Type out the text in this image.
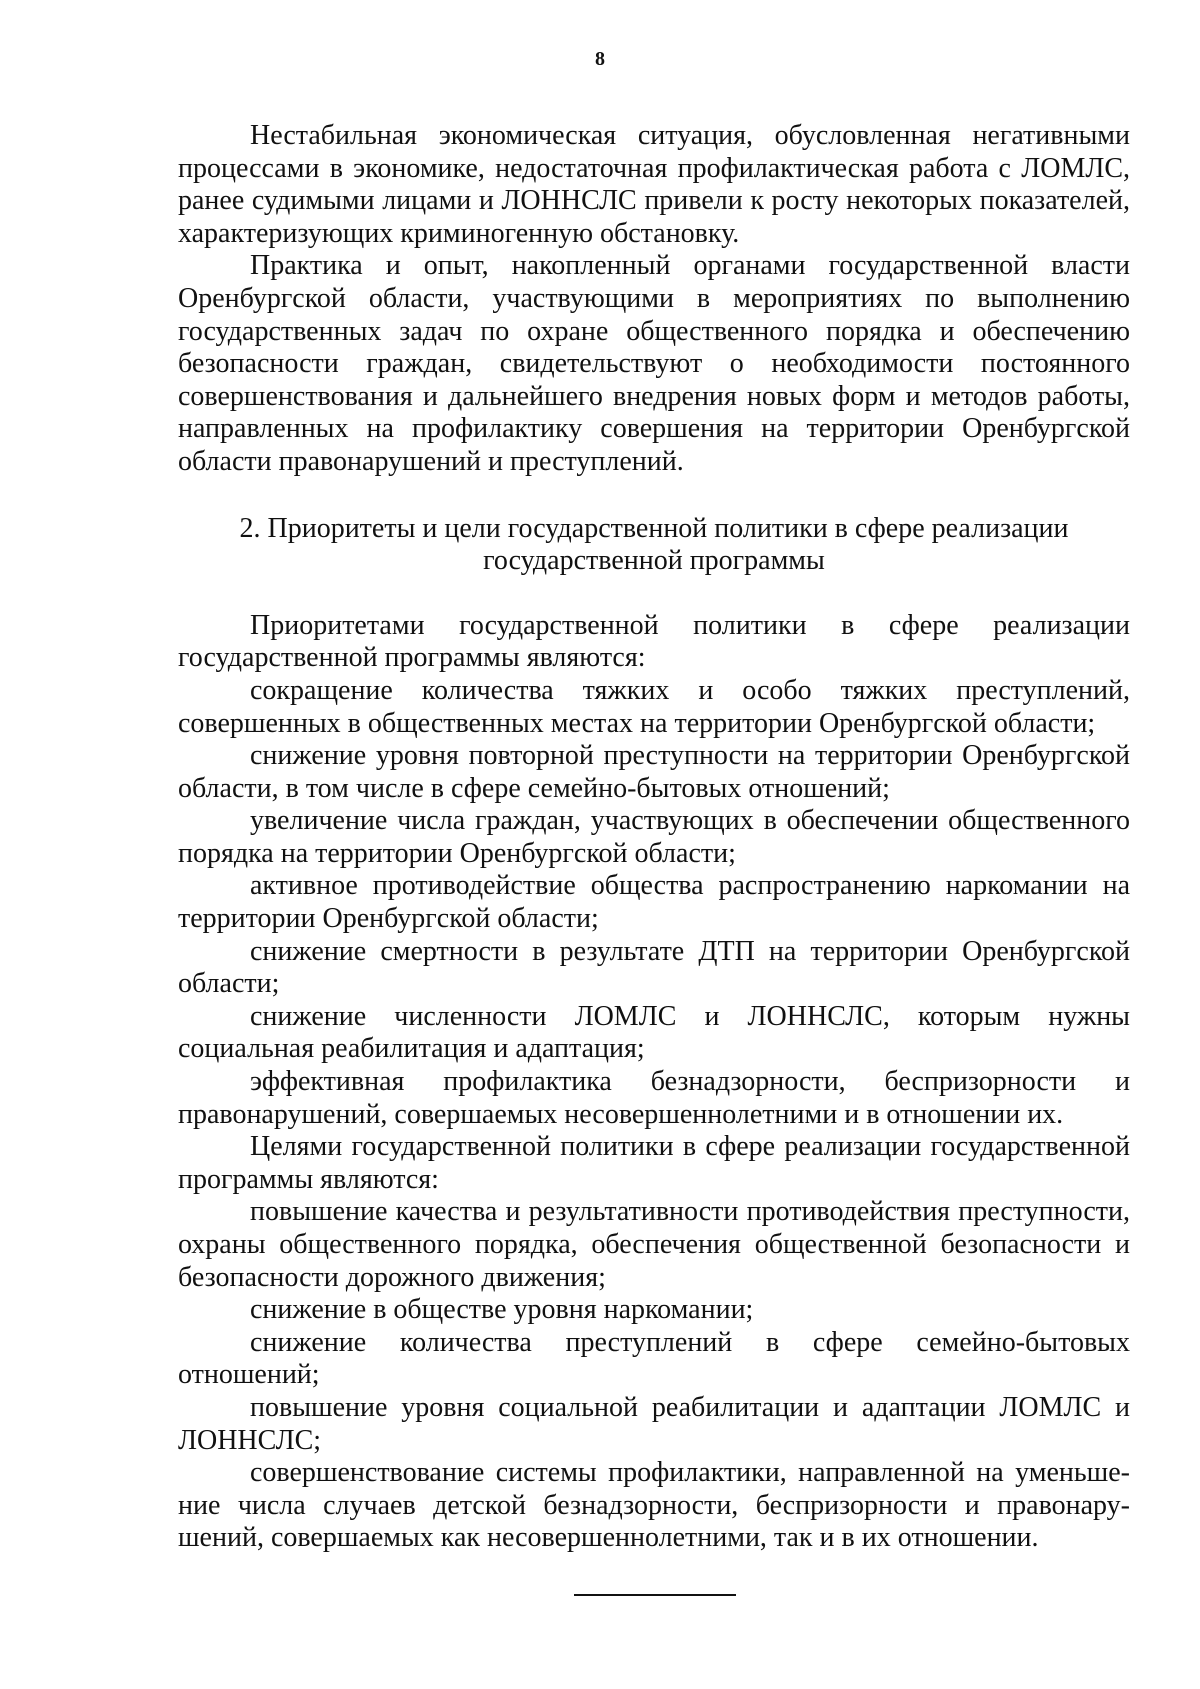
8

Нестабильная экономическая ситуация, обусловленная негативными процессами в экономике, недостаточная профилактическая работа с ЛОМЛС, ранее судимыми лицами и ЛОННСЛС привели к росту некоторых показателей, характеризующих криминогенную обстановку.

Практика и опыт, накопленный органами государственной власти Оренбургской области, участвующими в мероприятиях по выполнению государственных задач по охране общественного порядка и обеспечению безопасности граждан, свидетельствуют о необходимости постоянного совершенствования и дальнейшего внедрения новых форм и методов работы, направленных на профилактику совершения на территории Оренбургской области правонарушений и преступлений.

2. Приоритеты и цели государственной политики в сфере реализации
государственной программы

Приоритетами государственной политики в сфере реализации государственной программы являются:

сокращение количества тяжких и особо тяжких преступлений, совершенных в общественных местах на территории Оренбургской области;

снижение уровня повторной преступности на территории Оренбургской области, в том числе в сфере семейно-бытовых отношений;

увеличение числа граждан, участвующих в обеспечении общественного порядка на территории Оренбургской области;

активное противодействие общества распространению наркомании на территории Оренбургской области;

снижение смертности в результате ДТП на территории Оренбургской области;

снижение численности ЛОМЛС и ЛОННСЛС, которым нужны социальная реабилитация и адаптация;

эффективная профилактика безнадзорности, беспризорности и правонарушений, совершаемых несовершеннолетними и в отношении их.

Целями государственной политики в сфере реализации государственной программы являются:

повышение качества и результативности противодействия преступности, охраны общественного порядка, обеспечения общественной безопасности и безопасности дорожного движения;

снижение в обществе уровня наркомании;

снижение количества преступлений в сфере семейно-бытовых отношений;

повышение уровня социальной реабилитации и адаптации ЛОМЛС и ЛОННСЛС;

совершенствование системы профилактики, направленной на уменьшение числа случаев детской безнадзорности, беспризорности и правонарушений, совершаемых как несовершеннолетними, так и в их отношении.
